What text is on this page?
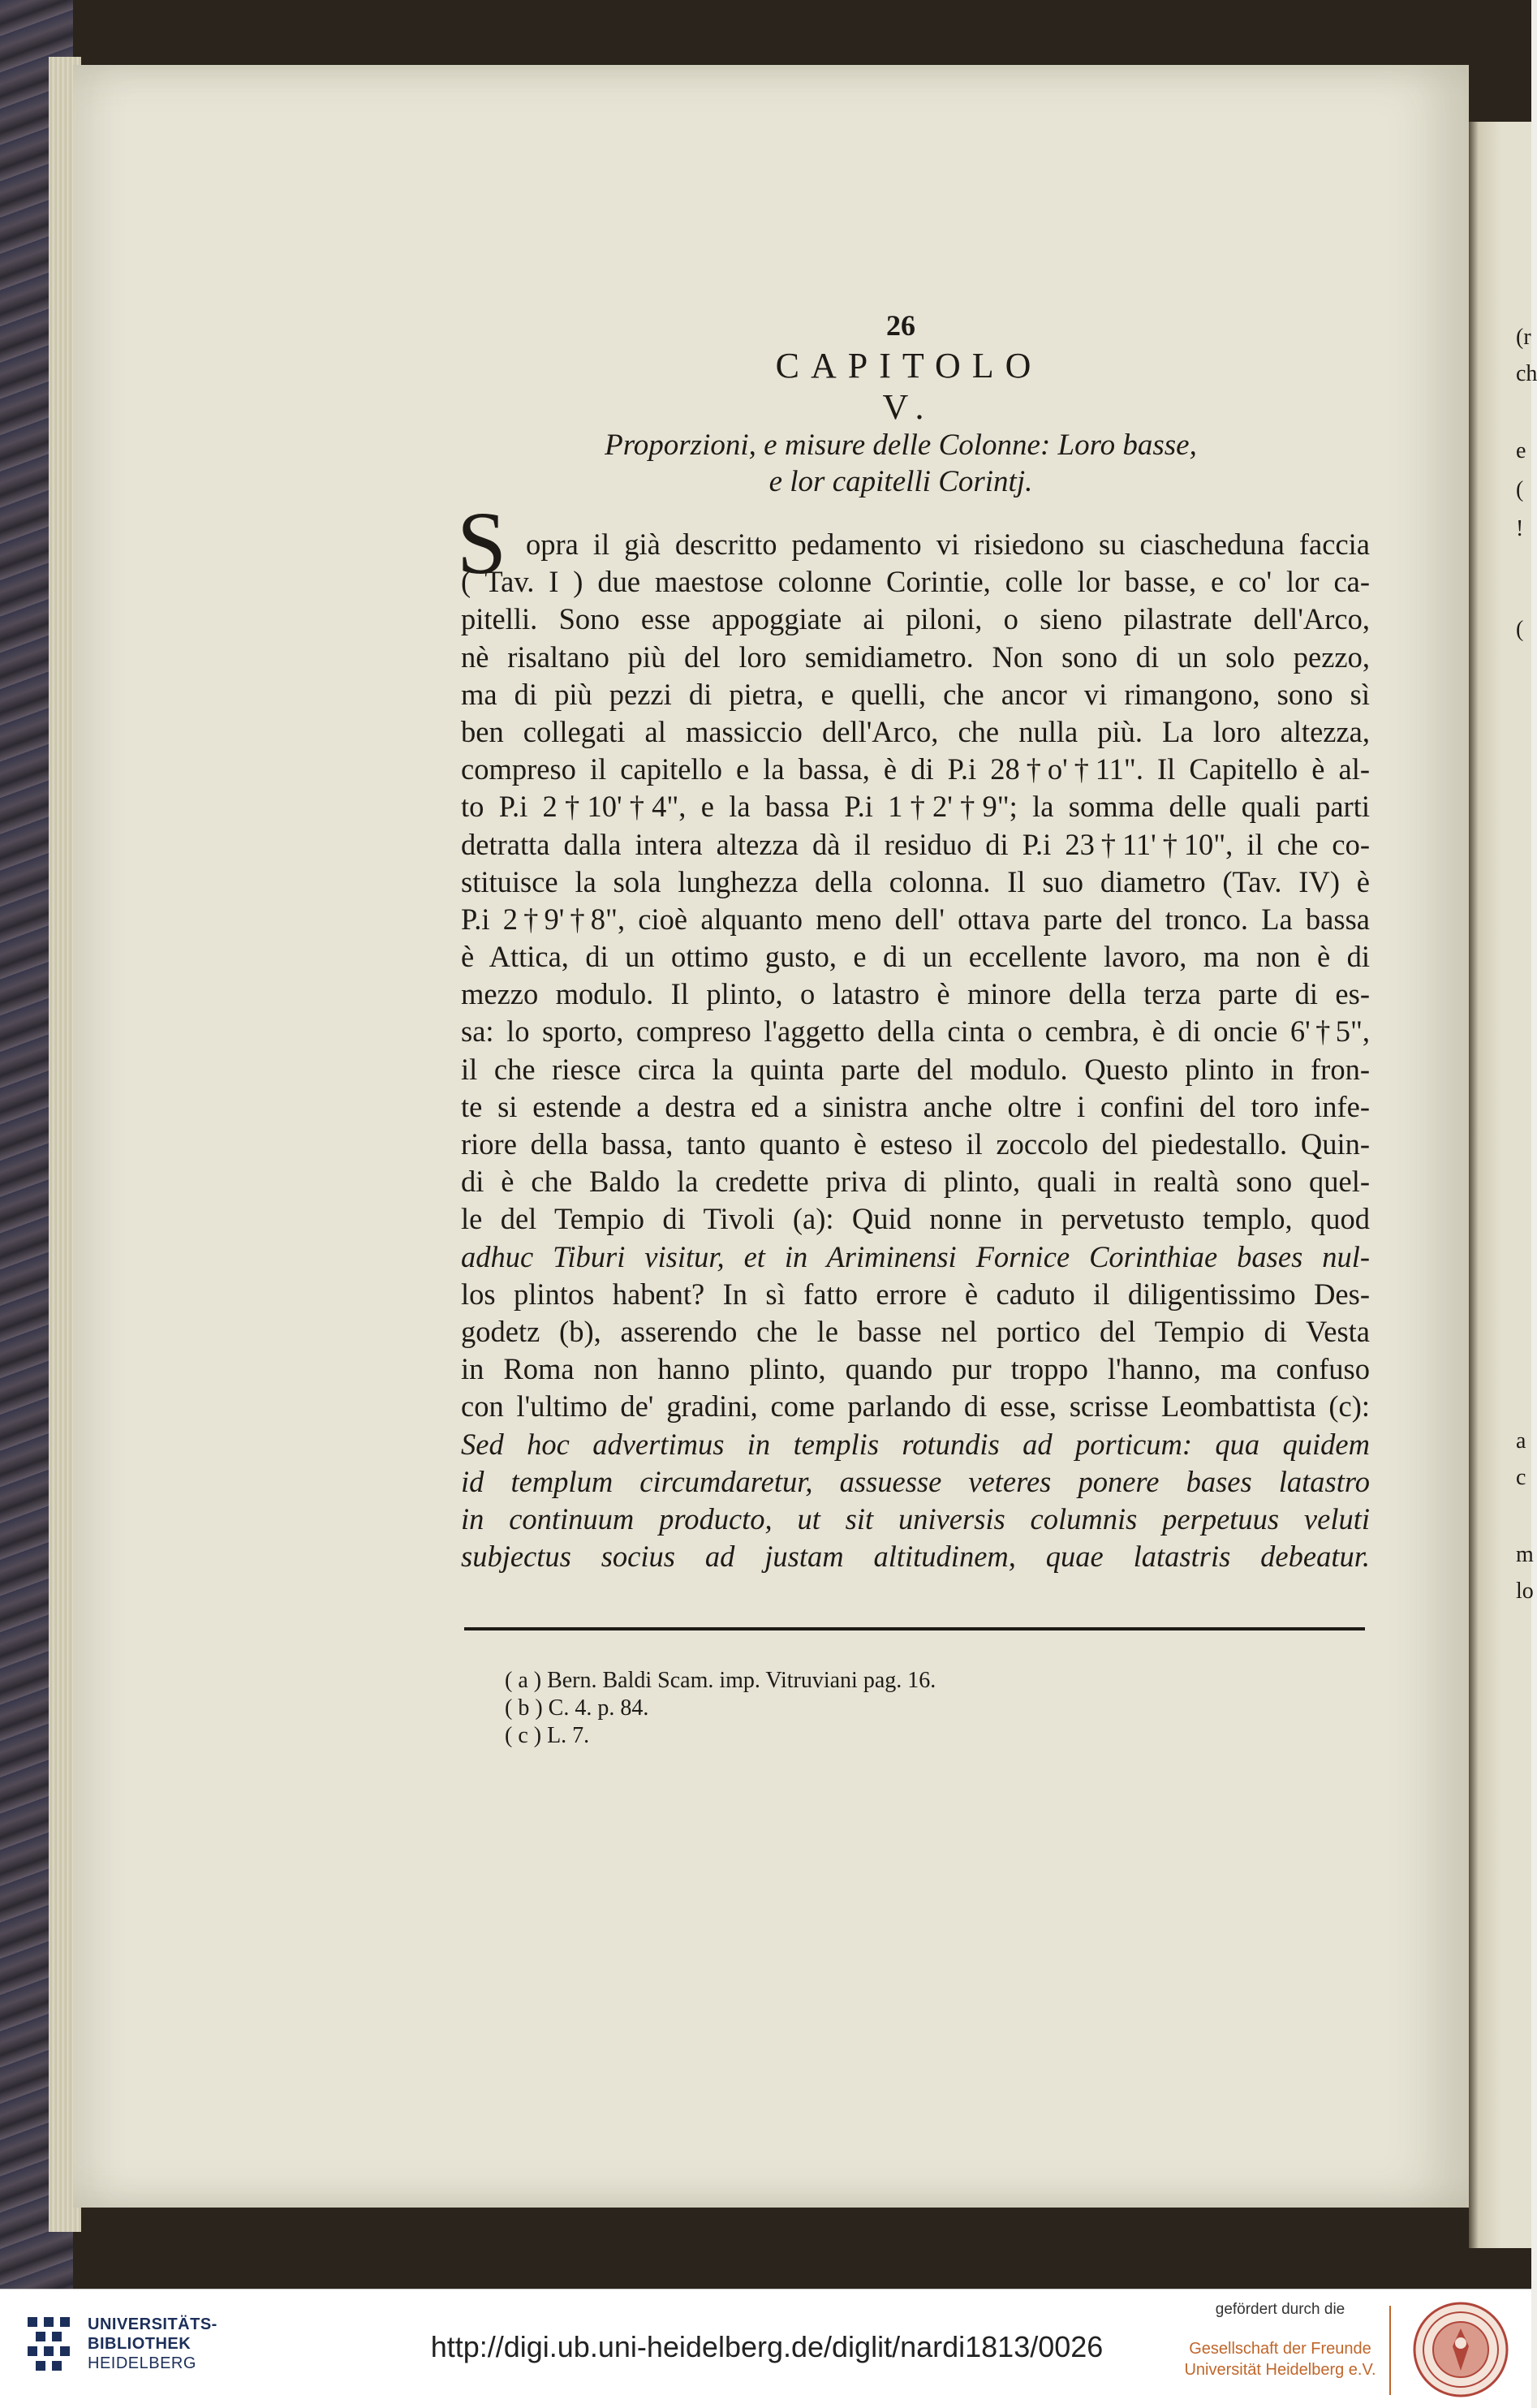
(r
ch
e
(
!
(
a
c
m
lo
26
CAPITOLO V.
Proporzioni, e misure delle Colonne: Loro basse,
e lor capitelli Corintj.
S opra il già descritto pedamento vi risiedono su ciascheduna faccia
( Tav. I ) due maestose colonne Corintie, colle lor basse, e co' lor ca-
pitelli. Sono esse appoggiate ai piloni, o sieno pilastrate dell'Arco,
nè risaltano più del loro semidiametro. Non sono di un solo pezzo,
ma di più pezzi di pietra, e quelli, che ancor vi rimangono, sono sì
ben collegati al massiccio dell'Arco, che nulla più. La loro altezza,
compreso il capitello e la bassa, è di P.i 28†o'†11". Il Capitello è al-
to P.i 2†10'†4", e la bassa P.i 1†2'†9"; la somma delle quali parti
detratta dalla intera altezza dà il residuo di P.i 23†11'†10", il che co-
stituisce la sola lunghezza della colonna. Il suo diametro (Tav. IV) è
P.i 2†9'†8", cioè alquanto meno dell' ottava parte del tronco. La bassa
è Attica, di un ottimo gusto, e di un eccellente lavoro, ma non è di
mezzo modulo. Il plinto, o latastro è minore della terza parte di es-
sa: lo sporto, compreso l'aggetto della cinta o cembra, è di oncie 6'†5",
il che riesce circa la quinta parte del modulo. Questo plinto in fron-
te si estende a destra ed a sinistra anche oltre i confini del toro infe-
riore della bassa, tanto quanto è esteso il zoccolo del piedestallo. Quin-
di è che Baldo la credette priva di plinto, quali in realtà sono quel-
le del Tempio di Tivoli (a): Quid nonne in pervetusto templo, quod
adhuc Tiburi visitur, et in Ariminensi Fornice Corinthiae bases nul-
los plintos habent? In sì fatto errore è caduto il diligentissimo Des-
godetz (b), asserendo che le basse nel portico del Tempio di Vesta
in Roma non hanno plinto, quando pur troppo l'hanno, ma confuso
con l'ultimo de' gradini, come parlando di esse, scrisse Leombattista (c):
Sed hoc advertimus in templis rotundis ad porticum: qua quidem
id templum circumdaretur, assuesse veteres ponere bases latastro
in continuum producto, ut sit universis columnis perpetuus veluti
subjectus socius ad justam altitudinem, quae latastris debeatur.
( a ) Bern. Baldi Scam. imp. Vitruviani pag. 16.
( b ) C. 4. p. 84.
( c ) L. 7.
UNIVERSITÄTS-
BIBLIOTHEK
HEIDELBERG	http://digi.ub.uni-heidelberg.de/diglit/nardi1813/0026
gefördert durch die
Gesellschaft der Freunde
Universität Heidelberg e.V.
